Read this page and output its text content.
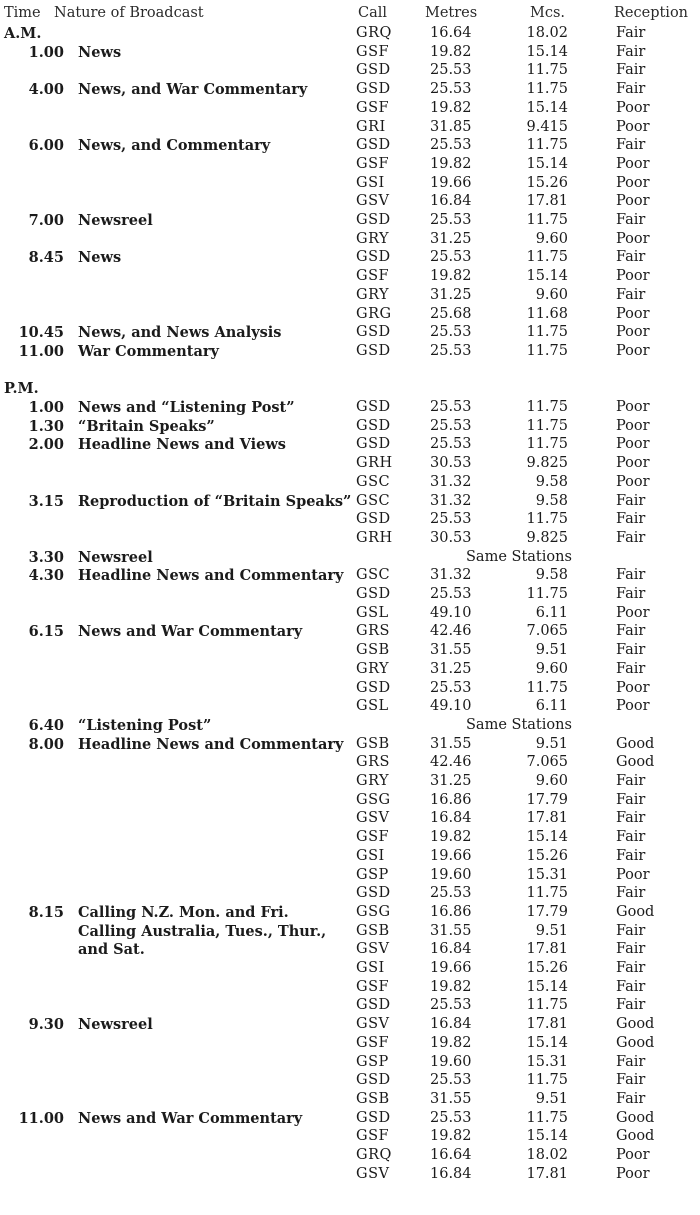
Time Nature of Broadcast	Call	Metres	Mcs.	Reception
A.M.	GRQ	16.64	18.02	Fair
1.00 News	GSF	19.82	15.14	Fair
GSD	25.53	11.75	Fair
4.00 News, and War Commentary	GSD	25.53	11.75	Fair
GSF	19.82	15.14	Poor
GRI	31.85	9.415	Poor
6.00 News, and Commentary	GSD	25.53	11.75	Fair
GSF	19.82	15.14	Poor
GSI	19.66	15.26	Poor
GSV	16.84	17.81	Poor
7.00 Newsreel	GSD	25.53	11.75	Fair
GRY	31.25	9.60	Poor
8.45 News	GSD	25.53	11.75	Fair
GSF	19.82	15.14	Poor
GRY	31.25	9.60	Fair
GRG	25.68	11.68	Poor
10.45 News, and News Analysis	GSD	25.53	11.75	Poor
11.00 War Commentary	GSD	25.53	11.75	Poor
P.M.
1.00 News and “Listening Post”	GSD	25.53	11.75	Poor
1.30 “Britain Speaks”	GSD	25.53	11.75	Poor
2.00 Headline News and Views	GSD	25.53	11.75	Poor
GRH	30.53	9.825	Poor
GSC	31.32	9.58	Poor
3.15 Reproduction of “Britain Speaks” GSC	31.32	9.58	Fair
GSD	25.53	11.75	Fair
GRH	30.53	9.825	Fair
3.30 Newsreel	Same Stations
4.30 Headline News and Commentary GSC	31.32	9.58	Fair
GSD	25.53	11.75	Fair
GSL	49.10	6.11	Poor
6.15 News and War Commentary	GRS	42.46	7.065	Fair
GSB	31.55	9.51	Fair
GRY	31.25	9.60	Fair
GSD	25.53	11.75	Poor
GSL	49.10	6.11	Poor
6.40 “Listening Post”	Same Stations
8.00 Headline News and Commentary GSB	31.55	9.51	Good
GRS	42.46	7.065	Good
GRY	31.25	9.60	Fair
GSG	16.86	17.79	Fair
GSV	16.84	17.81	Fair
GSF	19.82	15.14	Fair
GSI	19.66	15.26	Fair
GSP	19.60	15.31	Poor
GSD	25.53	11.75	Fair
8.15 Calling N.Z. Mon. and Fri.	GSG	16.86	17.79	Good
Calling Australia, Tues., Thur., GSB	31.55	9.51	Fair
and Sat.	GSV	16.84	17.81	Fair
GSI	19.66	15.26	Fair
GSF	19.82	15.14	Fair
GSD	25.53	11.75	Fair
9.30 Newsreel	GSV	16.84	17.81	Good
GSF	19.82	15.14	Good
GSP	19.60	15.31	Fair
GSD	25.53	11.75	Fair
GSB	31.55	9.51	Fair
11.00 News and War Commentary	GSD	25.53	11.75	Good
GSF	19.82	15.14	Good
GRQ	16.64	18.02	Poor
GSV	16.84	17.81	Poor
